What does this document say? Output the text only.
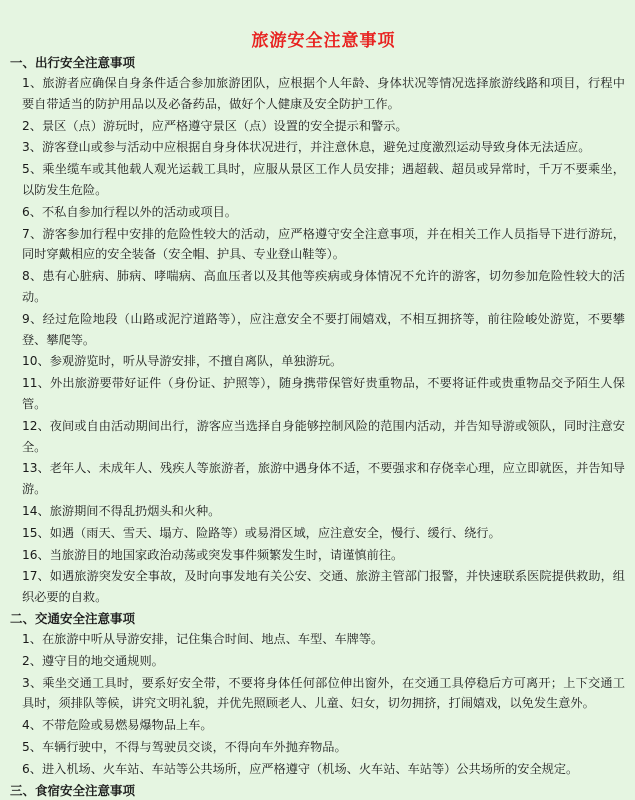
旅游安全注意事项
一、出行安全注意事项

1、旅游者应确保自身条件适合参加旅游团队，应根据个人年龄、身体状况等情况选择旅游线路和项目，行程中要自带适当的防护用品以及必备药品，做好个人健康及安全防护工作。

2、景区（点）游玩时，应严格遵守景区（点）设置的安全提示和警示。

3、游客登山或参与活动中应根据自身身体状况进行，并注意休息，避免过度激烈运动导致身体无法适应。

5、乘坐缆车或其他载人观光运载工具时，应服从景区工作人员安排；遇超载、超员或异常时，千万不要乘坐，以防发生危险。

6、不私自参加行程以外的活动或项目。

7、游客参加行程中安排的危险性较大的活动，应严格遵守安全注意事项，并在相关工作人员指导下进行游玩，同时穿戴相应的安全装备（安全帽、护具、专业登山鞋等）。

8、患有心脏病、肺病、哮喘病、高血压者以及其他等疾病或身体情况不允许的游客，切勿参加危险性较大的活动。

9、经过危险地段（山路或泥泞道路等），应注意安全不要打闹嬉戏，不相互拥挤等，前往险峻处游览，不要攀登、攀爬等。

10、参观游览时，听从导游安排，不擅自离队，单独游玩。

11、外出旅游要带好证件（身份证、护照等），随身携带保管好贵重物品，不要将证件或贵重物品交予陌生人保管。

12、夜间或自由活动期间出行，游客应当选择自身能够控制风险的范围内活动，并告知导游或领队，同时注意安全。

13、老年人、未成年人、残疾人等旅游者，旅游中遇身体不适，不要强求和存侥幸心理，应立即就医，并告知导游。

14、旅游期间不得乱扔烟头和火种。

15、如遇（雨天、雪天、塌方、险路等）或易滑区域，应注意安全，慢行、缓行、绕行。

16、当旅游目的地国家政治动荡或突发事件频繁发生时，请谨慎前往。

17、如遇旅游突发安全事故，及时向事发地有关公安、交通、旅游主管部门报警，并快速联系医院提供救助，组织必要的自救。

二、交通安全注意事项

1、在旅游中听从导游安排，记住集合时间、地点、车型、车牌等。

2、遵守目的地交通规则。

3、乘坐交通工具时，要系好安全带，不要将身体任何部位伸出窗外，在交通工具停稳后方可离开；上下交通工具时，须排队等候，讲究文明礼貌，并优先照顾老人、儿童、妇女，切勿拥挤，打闹嬉戏，以免发生意外。

4、不带危险或易燃易爆物品上车。

5、车辆行驶中，不得与驾驶员交谈，不得向车外抛弃物品。

6、进入机场、火车站、车站等公共场所，应严格遵守（机场、火车站、车站等）公共场所的安全规定。

三、食宿安全注意事项
